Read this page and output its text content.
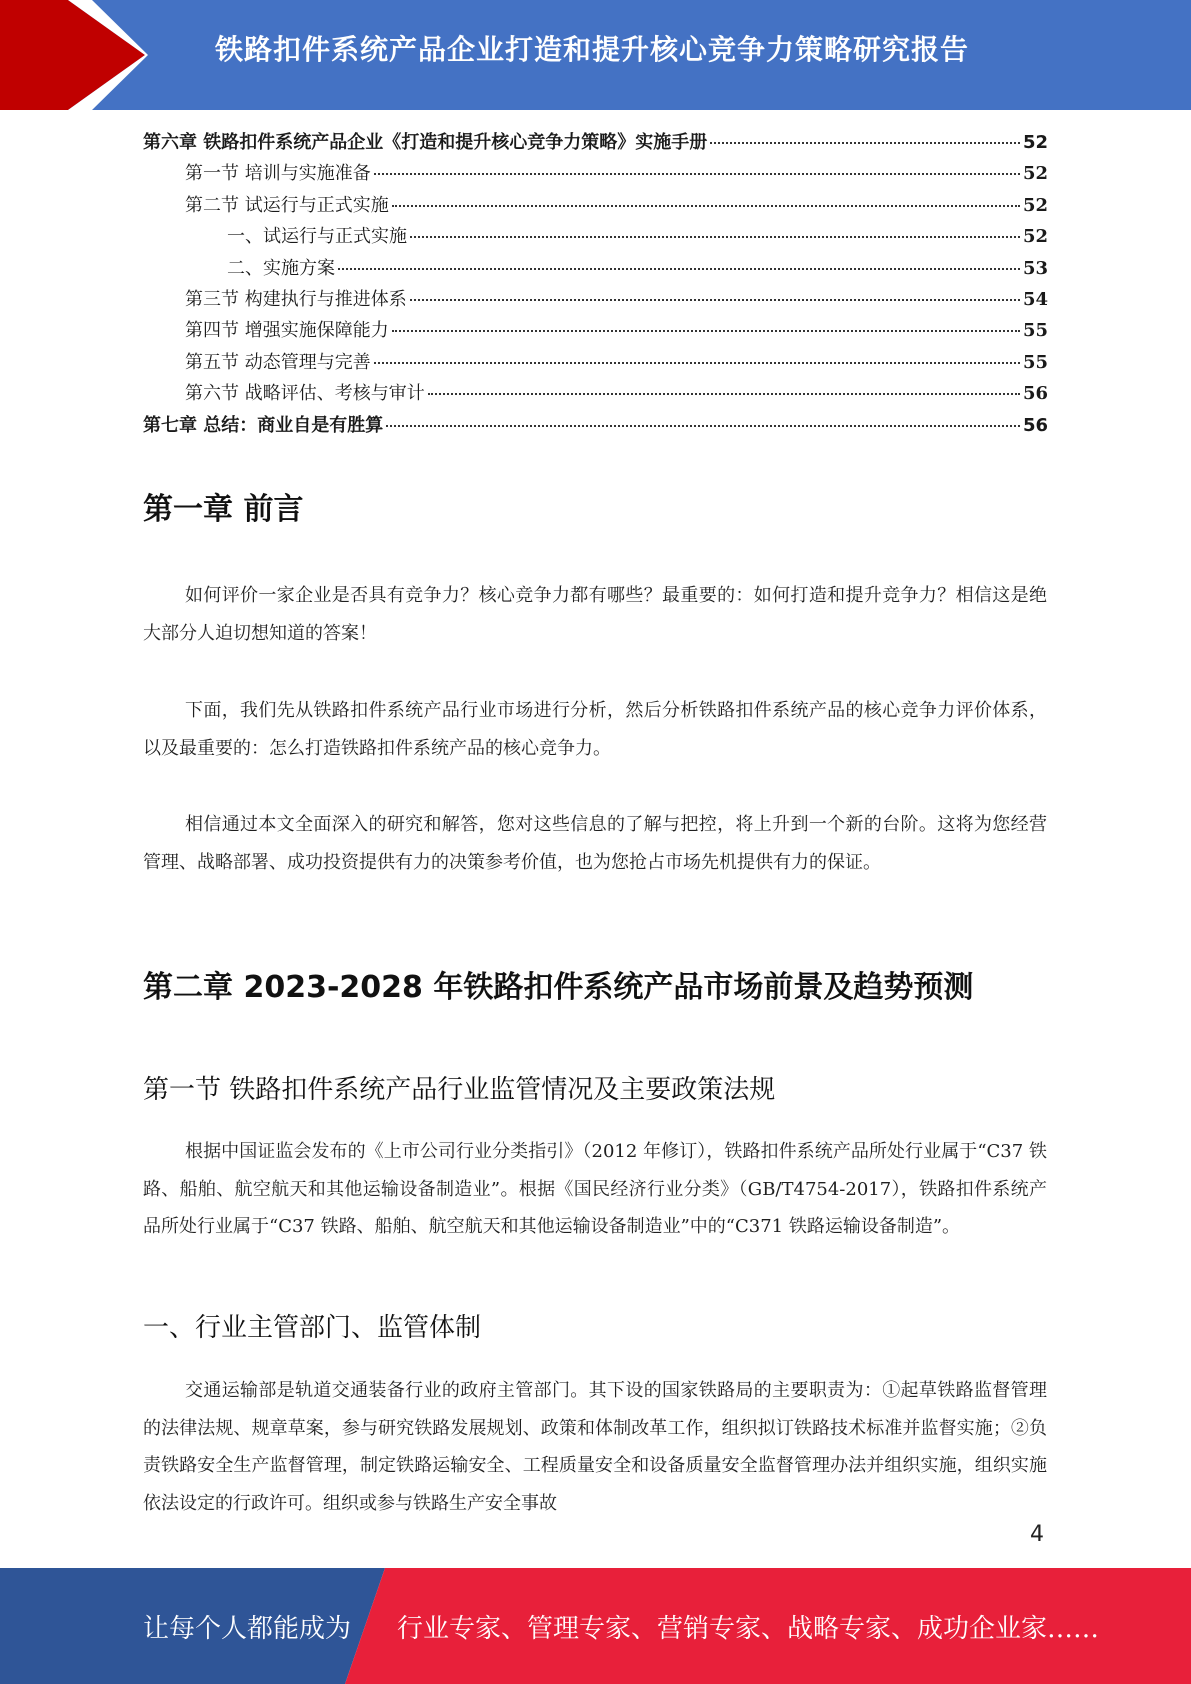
铁路扣件系统产品企业打造和提升核心竞争力策略研究报告
第六章 铁路扣件系统产品企业《打造和提升核心竞争力策略》实施手册	52
第一节 培训与实施准备	52
第二节 试运行与正式实施	52
一、试运行与正式实施	52
二、实施方案	53
第三节 构建执行与推进体系	54
第四节 增强实施保障能力	55
第五节 动态管理与完善	55
第六节 战略评估、考核与审计	56
第七章 总结：商业自是有胜算	56
第一章 前言
如何评价一家企业是否具有竞争力？核心竞争力都有哪些？最重要的：如何打造和提升竞争力？相信这是绝大部分人迫切想知道的答案！
下面，我们先从铁路扣件系统产品行业市场进行分析，然后分析铁路扣件系统产品的核心竞争力评价体系，以及最重要的：怎么打造铁路扣件系统产品的核心竞争力。
相信通过本文全面深入的研究和解答，您对这些信息的了解与把控，将上升到一个新的台阶。这将为您经营管理、战略部署、成功投资提供有力的决策参考价值，也为您抢占市场先机提供有力的保证。
第二章 2023-2028 年铁路扣件系统产品市场前景及趋势预测
第一节 铁路扣件系统产品行业监管情况及主要政策法规
根据中国证监会发布的《上市公司行业分类指引》（2012 年修订），铁路扣件系统产品所处行业属于“C37 铁路、船舶、航空航天和其他运输设备制造业”。根据《国民经济行业分类》（GB/T4754-2017），铁路扣件系统产品所处行业属于“C37 铁路、船舶、航空航天和其他运输设备制造业”中的“C371 铁路运输设备制造”。
一、行业主管部门、监管体制
交通运输部是轨道交通装备行业的政府主管部门。其下设的国家铁路局的主要职责为：①起草铁路监督管理的法律法规、规章草案，参与研究铁路发展规划、政策和体制改革工作，组织拟订铁路技术标准并监督实施；②负责铁路安全生产监督管理，制定铁路运输安全、工程质量安全和设备质量安全监督管理办法并组织实施，组织实施依法设定的行政许可。组织或参与铁路生产安全事故
4
让每个人都能成为 行业专家、管理专家、营销专家、战略专家、成功企业家……
